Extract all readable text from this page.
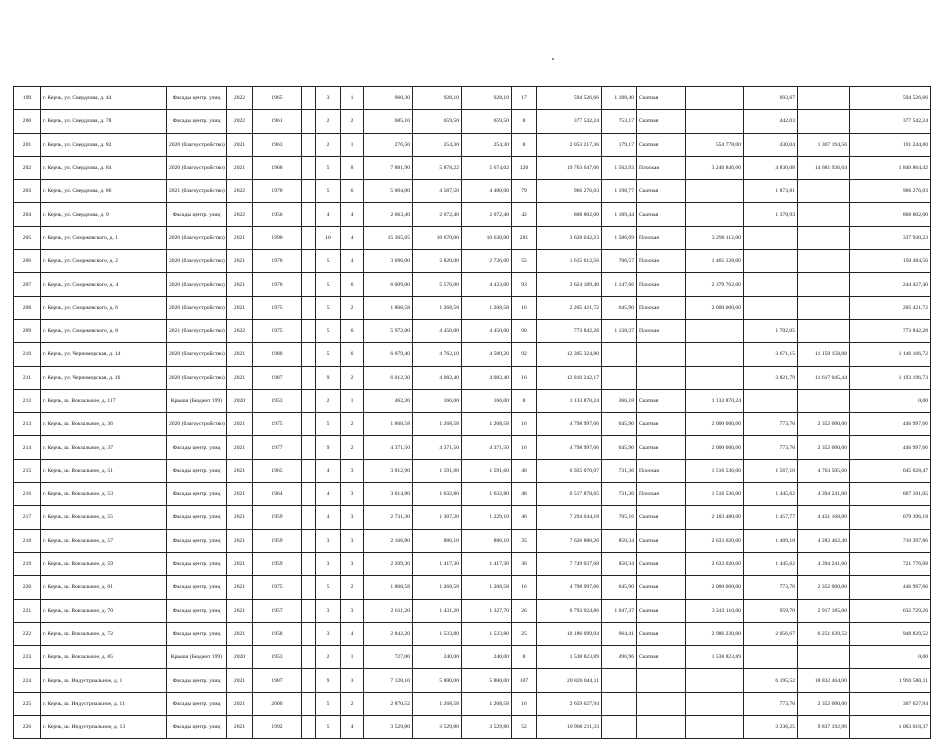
199	г. Керчь, ул. Свердлова, д. 44	Фасады центр. улиц	2022	1965		3	1	960,30	928,10	928,10	17	594 526,66	1 188,40	Скатная		693,67		594 526,66
200	г. Керчь, ул. Свердлова, д. 78	Фасады центр. улиц	2022	1961		2	2	685,10	659,50	659,50	8	377 542,24	753,17	Скатная		442,03		377 542,24
201	г. Керчь, ул. Свердлова, д. 82	2020 (благоустройство)	2021	1963		2	1	276,50	254,30	254,30	8	2 053 217,36	179,17	Скатная	554 778,00	430,04	1 307 194,56	191 244,80
202	г. Керчь, ул. Свердлова, д. 84	2020 (благоустройство)	2021	1968		5	8	7 881,90	5 878,22	5 674,02	120	19 763 647,06	1 562,93	Плоская	3 240 846,00	4 830,08	14 681 936,64	1 840 864,42
203	г. Керчь, ул. Свердлова, д. 86	2021 (благоустройство)	2022	1970		5	6	5 004,00	4 587,50	4 400,00	79	966 276,03	1 198,77	Скатная		1 873,81		966 276,03
204	г. Керчь, ул. Свердлова, д. 9	Фасады центр. улиц	2022	1956		4	4	2 663,40	2 072,40	2 072,40	42	808 802,00	1 189,44	Скатная		1 378,93		808 802,00
205	г. Керчь, ул. Сморжевского, д. 1	2020 (благоустройство)	2021	1990		10	4	15 365,05	10 670,00	10 630,00	281	3 628 042,23	1 586,69	Плоская	3 290 112,00			337 930,23
206	г. Керчь, ул. Сморжевского, д. 2	2020 (благоустройство)	2021	1976		5	4	3 696,00	2 820,00	2 726,00	55	1 615 612,56	706,57	Плоская	1 465 128,00			150 484,56
207	г. Керчь, ул. Сморжевского, д. 4	2020 (благоустройство)	2021	1976		5	6	6 009,00	5 576,00	4 433,00	93	2 624 189,40	1 147,66	Плоская	2 379 762,00			244 427,40
208	г. Керчь, ул. Сморжевского, д. 6	2020 (благоустройство)	2021	1975		5	2	1 868,58	1 268,58	1 268,58	16	2 205 421,72	645,90	Плоская	2 000 000,00			205 421,72
209	г. Керчь, ул. Сморжевского, д. 8	2021 (благоустройство)	2022	1975		5	6	5 972,00	4 450,00	4 450,00	90	773 842,28	1 138,37	Плоская		1 702,05		773 842,28
210	г. Керчь, ул. Черноморская, д. 14	2020 (благоустройство)	2021	1980		5	6	6 079,40	4 762,10	4 580,20	92	12 305 324,80				3 671,15	11 159 158,08	1 146 166,72
211	г. Керчь, ул. Черноморская, д. 16	2020 (благоустройство)	2021	1987		9	2	6 012,30	4 082,40	4 082,40	16	12 810 242,17				3 821,79	11 617 045,44	1 193 196,73
212	г. Керчь, ш. Вокзальное, д. 117	Крыши (Бюджет 199)	2020	1953		2	1	462,20	166,00	166,00	8	1 133 870,24	366,18	Скатная	1 133 870,24			0,00
213	г. Керчь, ш. Вокзальное, д. 36	2020 (благоустройство)	2021	1975		5	2	1 868,58	1 268,58	1 268,58	16	4 798 997,66	645,90	Скатная	2 000 000,00	773,76	2 352 000,00	446 997,66
214	г. Керчь, ш. Вокзальное, д. 37	Фасады центр. улиц	2021	1977		9	2	4 371,50	4 371,50	4 371,50	16	4 798 997,66	645,90	Скатная	2 000 000,00	773,76	2 352 000,00	446 997,66
215	г. Керчь, ш. Вокзальное, д. 51	Фасады центр. улиц	2021	1965		4	3	3 012,90	1 591,60	1 591,60	48	6 925 070,07	731,36	Плоская	1 516 536,00	1 567,10	4 763 505,60	645 028,47
216	г. Керчь, ш. Вокзальное, д. 53	Фасады центр. улиц	2021	1964		4	3	3 014,80	1 632,80	1 632,80	48	6 517 878,65	731,36	Плоская	1 516 536,00	1 445,62	4 394 241,60	607 101,05
217	г. Керчь, ш. Вокзальное, д. 55	Фасады центр. улиц	2021	1959		4	3	2 731,30	1 307,20	1 229,10	46	7 294 044,18	705,16	Скатная	2 183 480,00	1 457,77	4 431 168,00	679 396,18
218	г. Керчь, ш. Вокзальное, д. 57	Фасады центр. улиц	2021	1959		3	3	2 166,80	886,10	886,10	35	7 626 880,26	850,34	Скатная	2 633 020,00	1 409,18	4 283 462,40	710 397,86
219	г. Керчь, ш. Вокзальное, д. 59	Фасады центр. улиц	2021	1959		3	3	2 209,30	1 417,30	1 417,30	36	7 749 037,68	850,34	Скатная	2 633 020,00	1 445,62	4 394 241,60	721 776,08
220	г. Керчь, ш. Вокзальное, д. 61	Фасады центр. улиц	2021	1975		5	2	1 868,58	1 268,58	1 268,58	16	4 798 997,66	645,90	Скатная	2 000 000,00	773,76	2 352 000,00	446 997,66
221	г. Керчь, ш. Вокзальное, д. 70	Фасады центр. улиц	2021	1957		3	3	2 611,20	1 431,20	1 327,70	26	6 793 024,86	1 047,37	Скатная	3 243 110,00	959,70	2 917 185,60	632 729,26
222	г. Керчь, ш. Вокзальное, д. 72	Фасады центр. улиц	2021	1958		3	4	2 842,20	1 533,80	1 533,80	25	10 186 699,04	964,41	Скатная	2 986 230,00	2 056,67	6 251 639,52	948 829,52
223	г. Керчь, ш. Вокзальное, д. 85	Крыши (Бюджет 199)	2020	1953		2	1	727,00	240,00	240,00	8	1 538 823,89	496,96	Скатная	1 538 823,89			0,00
224	г. Керчь, ш. Индустриальное, д. 1	Фасады центр. улиц	2021	1987		9	3	7 128,10	5 800,00	5 800,00	107	20 826 044,11				6 195,52	18 832 464,00	1 993 580,11
225	г. Керчь, ш. Индустриальное, д. 11	Фасады центр. улиц	2021	2000		5	2	2 870,52	1 268,58	1 268,58	16	2 659 627,94				773,76	2 352 000,00	307 627,94
226	г. Керчь, ш. Индустриальное, д. 13	Фасады центр. улиц	2021	1992		5	4	3 529,80	3 529,80	3 529,80	52	10 900 211,33				3 236,25	9 837 192,96	1 063 018,37
